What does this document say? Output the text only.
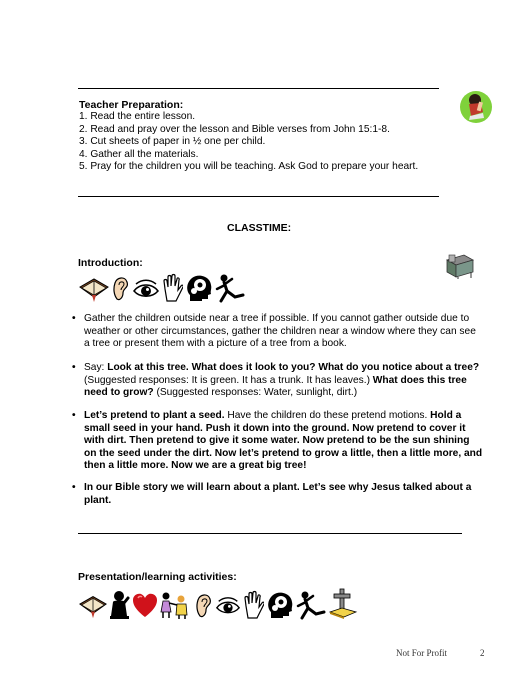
Teacher Preparation:
1. Read the entire lesson.
2. Read and pray over the lesson and Bible verses from John 15:1-8.
3. Cut sheets of paper in ½ one per child.
4. Gather all the materials.
5. Pray for the children you will be teaching. Ask God to prepare your heart.
CLASSTIME:
Introduction:
• Gather the children outside near a tree if possible. If you cannot gather outside due to weather or other circumstances, gather the children near a window where they can see a tree or present them with a picture of a tree from a book.
• Say: Look at this tree. What does it look to you? What do you notice about a tree? (Suggested responses: It is green. It has a trunk. It has leaves.) What does this tree need to grow? (Suggested responses: Water, sunlight, dirt.)
• Let’s pretend to plant a seed. Have the children do these pretend motions. Hold a small seed in your hand. Push it down into the ground. Now pretend to cover it with dirt. Then pretend to give it some water. Now pretend to be the sun shining on the seed under the dirt. Now let’s pretend to grow a little, then a little more, and then a little more. Now we are a great big tree!
• In our Bible story we will learn about a plant. Let’s see why Jesus talked about a plant.
Presentation/learning activities:
Not For Profit	2
